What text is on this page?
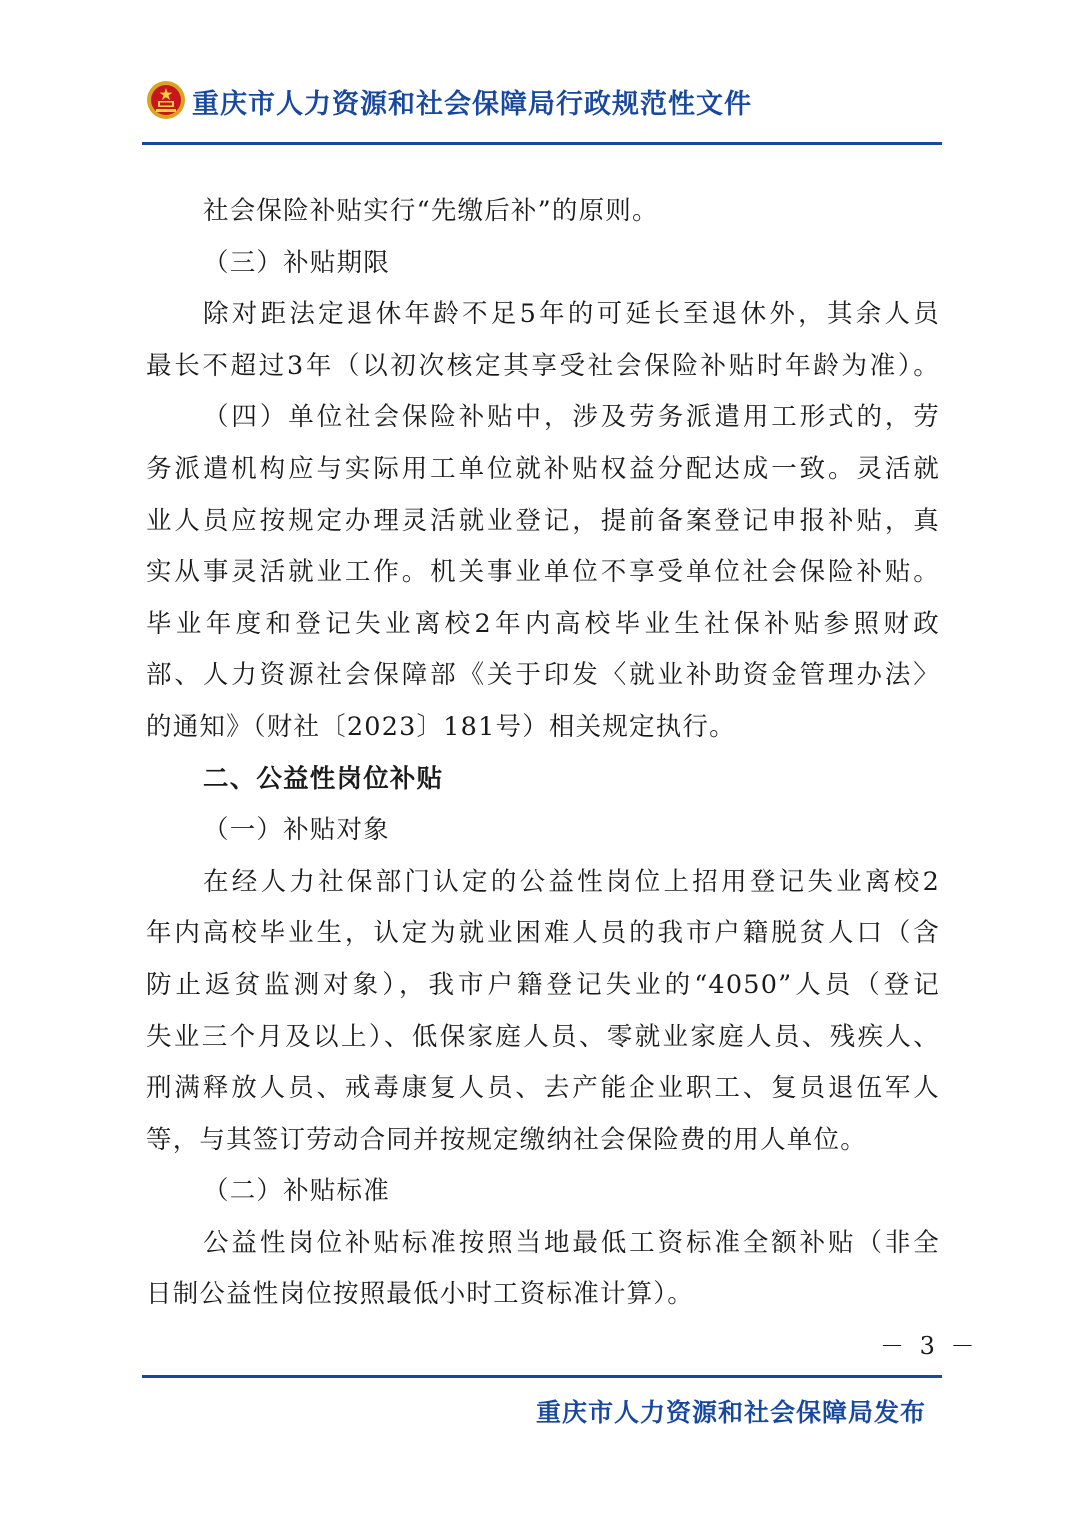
重庆市人力资源和社会保障局行政规范性文件

社会保险补贴实行“先缴后补”的原则。

（三）补贴期限

除对距法定退休年龄不足5年的可延长至退休外，其余人员

最长不超过3年（以初次核定其享受社会保险补贴时年龄为准）。

（四）单位社会保险补贴中，涉及劳务派遣用工形式的，劳

务派遣机构应与实际用工单位就补贴权益分配达成一致。灵活就

业人员应按规定办理灵活就业登记，提前备案登记申报补贴，真

实从事灵活就业工作。机关事业单位不享受单位社会保险补贴。

毕业年度和登记失业离校2年内高校毕业生社保补贴参照财政

部、人力资源社会保障部《关于印发〈就业补助资金管理办法〉

的通知》（财社〔2023〕181号）相关规定执行。

二、公益性岗位补贴

（一）补贴对象

在经人力社保部门认定的公益性岗位上招用登记失业离校2

年内高校毕业生，认定为就业困难人员的我市户籍脱贫人口（含

防止返贫监测对象），我市户籍登记失业的“4050”人员（登记

失业三个月及以上）、低保家庭人员、零就业家庭人员、残疾人、

刑满释放人员、戒毒康复人员、去产能企业职工、复员退伍军人

等，与其签订劳动合同并按规定缴纳社会保险费的用人单位。

（二）补贴标准

公益性岗位补贴标准按照当地最低工资标准全额补贴（非全

日制公益性岗位按照最低小时工资标准计算）。

－ 3 －
重庆市人力资源和社会保障局发布
